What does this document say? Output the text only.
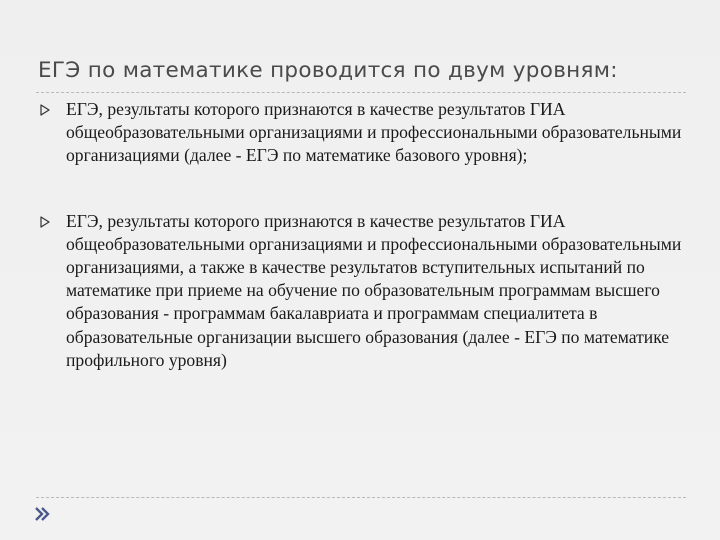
ЕГЭ по математике проводится по двум уровням:
ЕГЭ, результаты которого признаются в качестве результатов ГИА общеобразовательными организациями и профессиональными образовательными организациями (далее - ЕГЭ по математике базового уровня);
ЕГЭ, результаты которого признаются в качестве результатов ГИА общеобразовательными организациями и профессиональными образовательными организациями, а также в качестве результатов вступительных испытаний по математике при приеме на обучение по образовательным программам высшего образования - программам бакалавриата и программам специалитета в образовательные организации высшего образования (далее - ЕГЭ по математике профильного уровня)
